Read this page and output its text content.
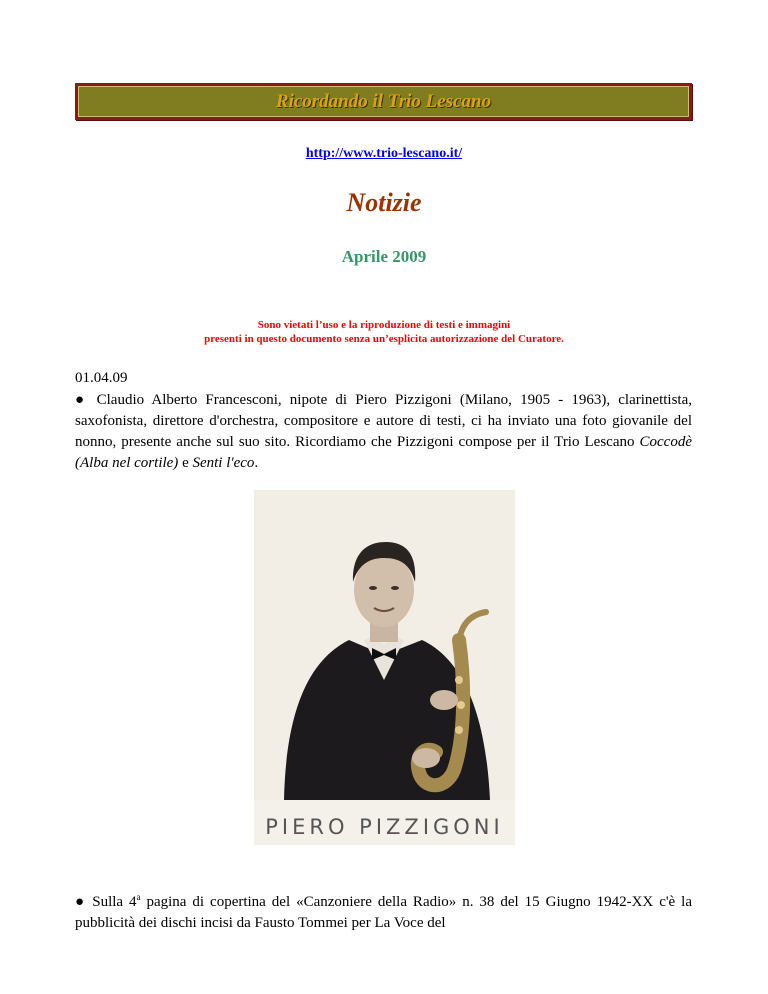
Ricordando il Trio Lescano
http://www.trio-lescano.it/
Notizie
Aprile 2009
Sono vietati l’uso e la riproduzione di testi e immagini
presenti in questo documento senza un’esplicita autorizzazione del Curatore.
01.04.09
● Claudio Alberto Francesconi, nipote di Piero Pizzigoni (Milano, 1905 - 1963), clarinettista, saxofonista, direttore d'orchestra, compositore e autore di testi, ci ha inviato una foto giovanile del nonno, presente anche sul suo sito. Ricordiamo che Pizzigoni compose per il Trio Lescano Coccodè (Alba nel cortile) e Senti l'eco.
PIERO PIZZIGONI
● Sulla 4$^a$ pagina di copertina del «Canzoniere della Radio» n. 38 del 15 Giugno 1942-XX c'è la pubblicità dei dischi incisi da Fausto Tommei per La Voce del
